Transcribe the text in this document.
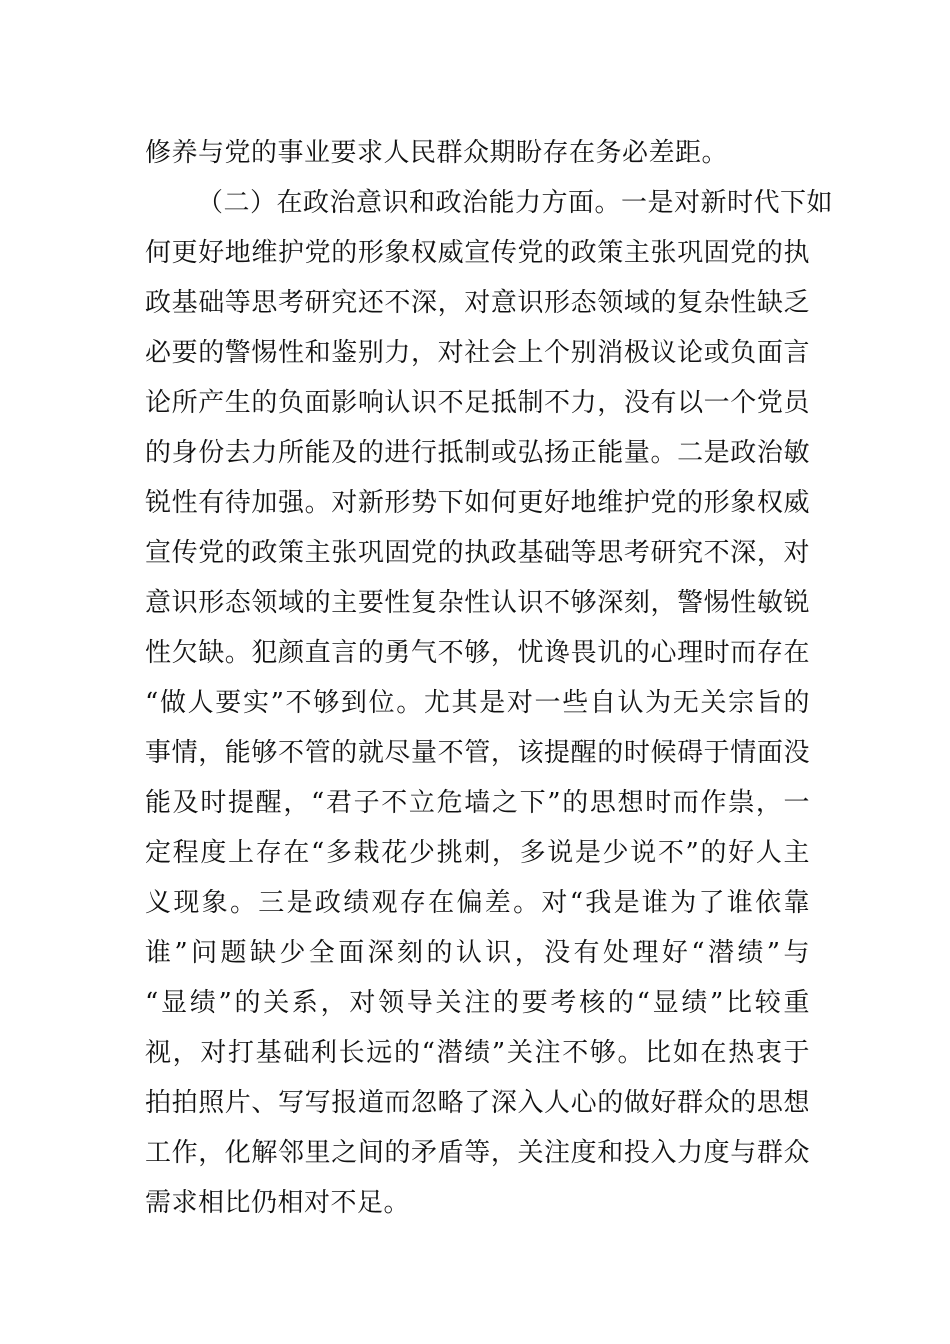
修养与党的事业要求人民群众期盼存在务必差距。
（二）在政治意识和政治能力方面。一是对新时代下如
何更好地维护党的形象权威宣传党的政策主张巩固党的执
政基础等思考研究还不深，对意识形态领域的复杂性缺乏
必要的警惕性和鉴别力，对社会上个别消极议论或负面言
论所产生的负面影响认识不足抵制不力，没有以一个党员
的身份去力所能及的进行抵制或弘扬正能量。二是政治敏
锐性有待加强。对新形势下如何更好地维护党的形象权威
宣传党的政策主张巩固党的执政基础等思考研究不深，对
意识形态领域的主要性复杂性认识不够深刻，警惕性敏锐
性欠缺。犯颜直言的勇气不够，忧谗畏讥的心理时而存在
“做人要实”不够到位。尤其是对一些自认为无关宗旨的
事情，能够不管的就尽量不管，该提醒的时候碍于情面没
能及时提醒，“君子不立危墙之下”的思想时而作祟，一
定程度上存在“多栽花少挑刺，多说是少说不”的好人主
义现象。三是政绩观存在偏差。对“我是谁为了谁依靠
谁”问题缺少全面深刻的认识，没有处理好“潜绩”与
“显绩”的关系，对领导关注的要考核的“显绩”比较重
视，对打基础利长远的“潜绩”关注不够。比如在热衷于
拍拍照片、写写报道而忽略了深入人心的做好群众的思想
工作，化解邻里之间的矛盾等，关注度和投入力度与群众
需求相比仍相对不足。
